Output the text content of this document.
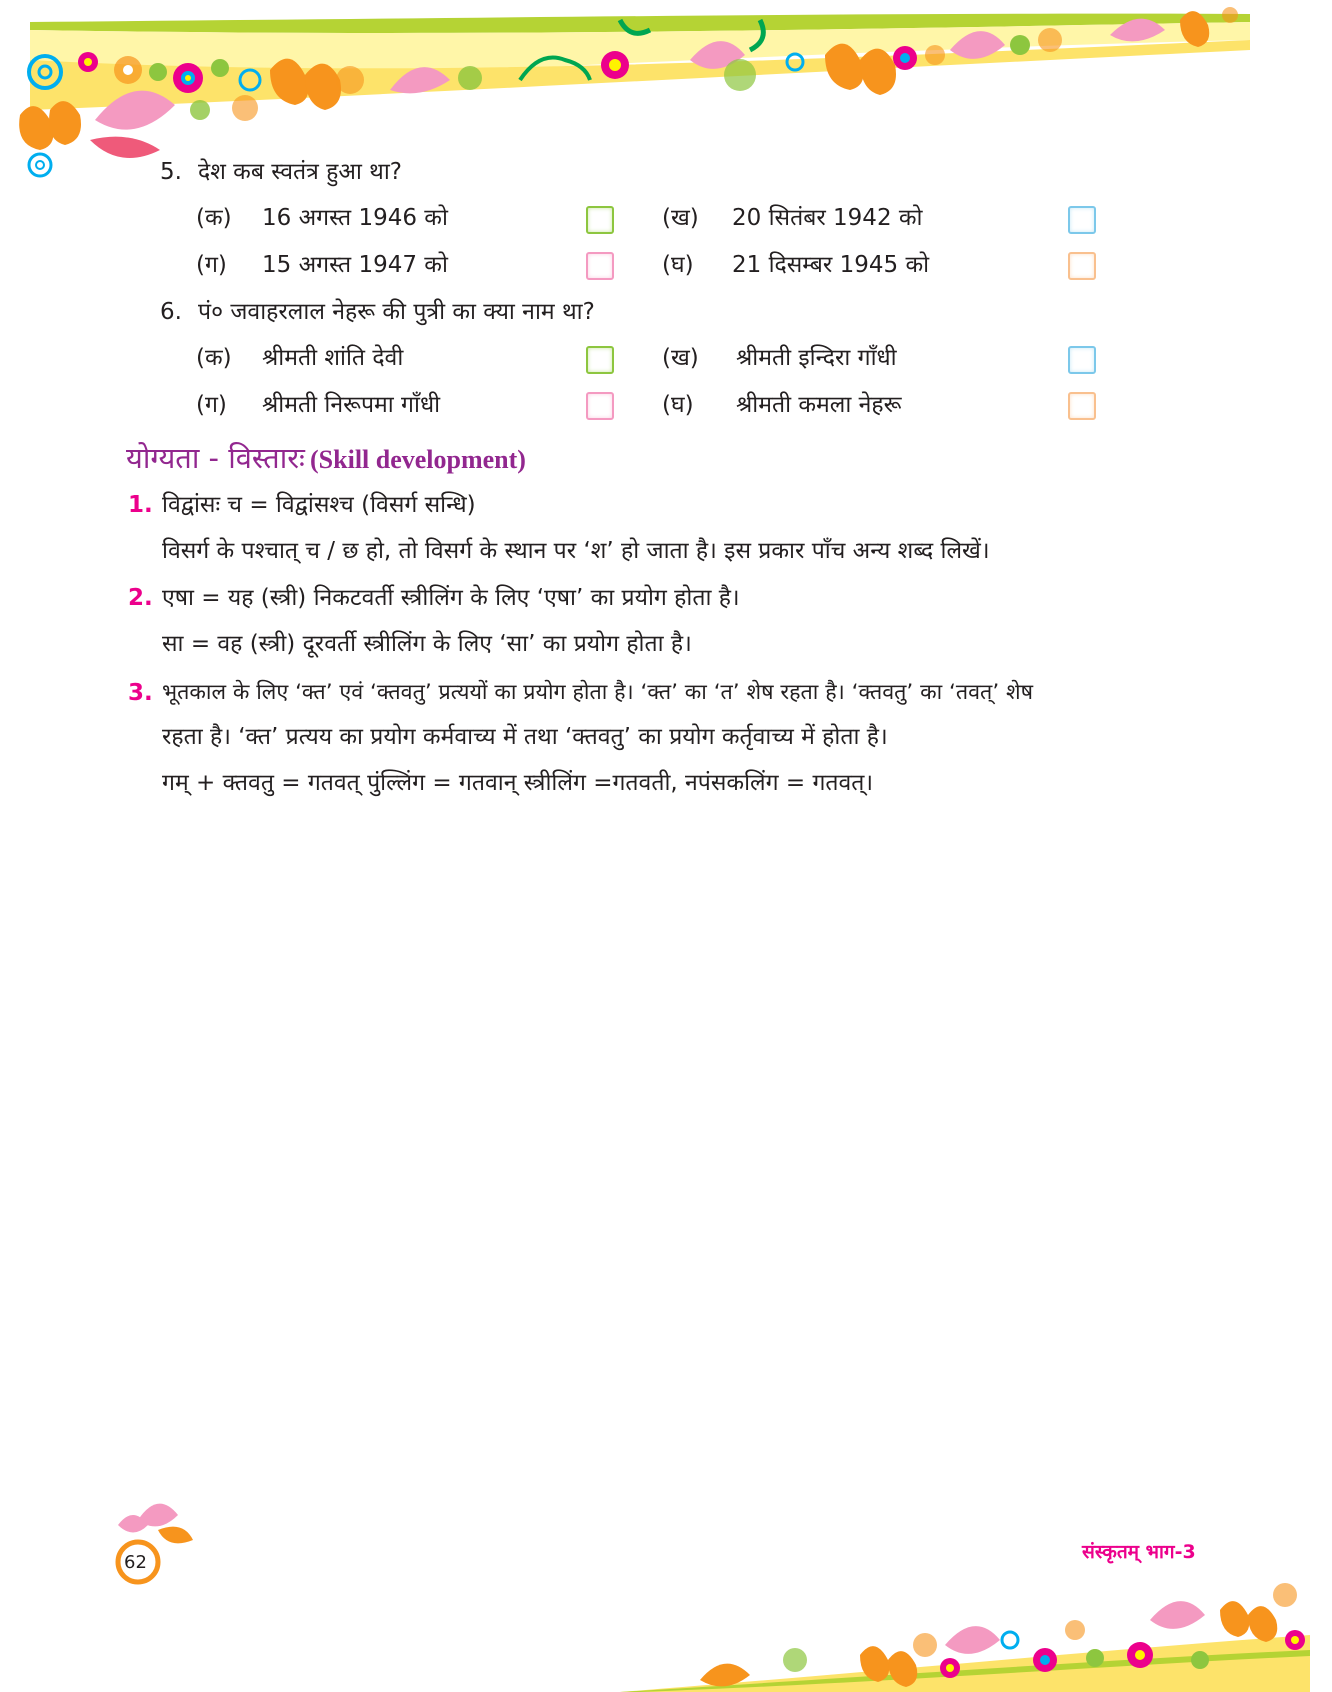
5. देश कब स्वतंत्र हुआ था?
(क) 16 अगस्त 1946 को	(ख) 20 सितंबर 1942 को
(ग) 15 अगस्त 1947 को	(घ) 21 दिसम्बर 1945 को
6. पं० जवाहरलाल नेहरू की पुत्री का क्या नाम था?
(क) श्रीमती शांति देवी	(ख) श्रीमती इन्दिरा गाँधी
(ग) श्रीमती निरूपमा गाँधी	(घ) श्रीमती कमला नेहरू
योग्यता - विस्तारः (Skill development)
1. विद्वांसः च = विद्वांसश्च (विसर्ग सन्धि)
विसर्ग के पश्चात् च / छ हो, तो विसर्ग के स्थान पर ‘श’ हो जाता है। इस प्रकार पाँच अन्य शब्द लिखें।
2. एषा = यह (स्त्री) निकटवर्ती स्त्रीलिंग के लिए ‘एषा’ का प्रयोग होता है।
सा = वह (स्त्री) दूरवर्ती स्त्रीलिंग के लिए ‘सा’ का प्रयोग होता है।
3. भूतकाल के लिए ‘क्त’ एवं ‘क्तवतु’ प्रत्ययों का प्रयोग होता है। ‘क्त’ का ‘त’ शेष रहता है। ‘क्तवतु’ का ‘तवत्’ शेष
रहता है। ‘क्त’ प्रत्यय का प्रयोग कर्मवाच्य में तथा ‘क्तवतु’ का प्रयोग कर्तृवाच्य में होता है।
गम् + क्तवतु = गतवत् पुंल्लिंग = गतवान् स्त्रीलिंग =गतवती, नपंसकलिंग = गतवत्।
62	संस्कृतम् भाग-3
